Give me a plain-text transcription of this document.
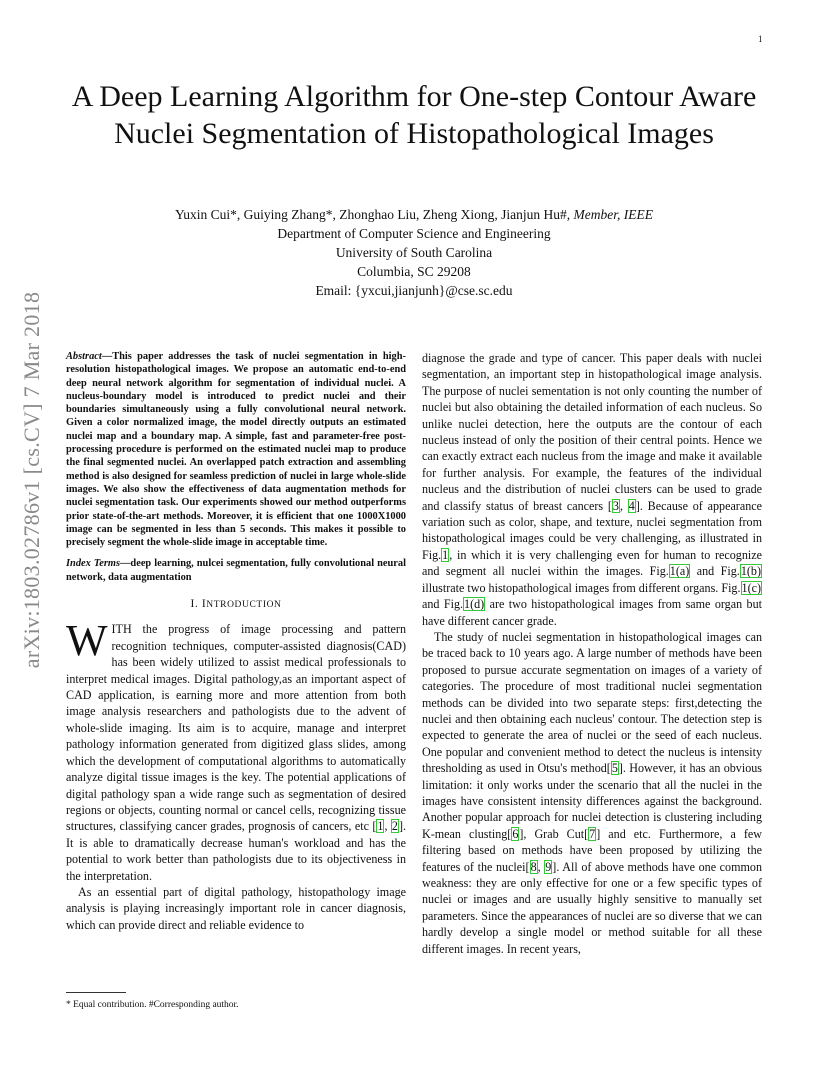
1
arXiv:1803.02786v1 [cs.CV] 7 Mar 2018
A Deep Learning Algorithm for One-step Contour Aware Nuclei Segmentation of Histopathological Images
Yuxin Cui*, Guiying Zhang*, Zhonghao Liu, Zheng Xiong, Jianjun Hu#, Member, IEEE
Department of Computer Science and Engineering
University of South Carolina
Columbia, SC 29208
Email: {yxcui,jianjunh}@cse.sc.edu

Abstract—This paper addresses the task of nuclei segmentation in high-resolution histopathological images. We propose an automatic end-to-end deep neural network algorithm for segmentation of individual nuclei. A nucleus-boundary model is introduced to predict nuclei and their boundaries simultaneously using a fully convolutional neural network. Given a color normalized image, the model directly outputs an estimated nuclei map and a boundary map. A simple, fast and parameter-free post-processing procedure is performed on the estimated nuclei map to produce the final segmented nuclei. An overlapped patch extraction and assembling method is also designed for seamless prediction of nuclei in large whole-slide images. We also show the effectiveness of data augmentation methods for nuclei segmentation task. Our experiments showed our method outperforms prior state-of-the-art methods. Moreover, it is efficient that one 1000X1000 image can be segmented in less than 5 seconds. This makes it possible to precisely segment the whole-slide image in acceptable time.

Index Terms—deep learning, nulcei segmentation, fully convolutional neural network, data augmentation

I. INTRODUCTION

WITH the progress of image processing and pattern recognition techniques, computer-assisted diagnosis(CAD) has been widely utilized to assist medical professionals to interpret medical images. Digital pathology,as an important aspect of CAD application, is earning more and more attention from both image analysis researchers and pathologists due to the advent of whole-slide imaging. Its aim is to acquire, manage and interpret pathology information generated from digitized glass slides, among which the development of computational algorithms to automatically analyze digital tissue images is the key. The potential applications of digital pathology span a wide range such as segmentation of desired regions or objects, counting normal or cancel cells, recognizing tissue structures, classifying cancer grades, prognosis of cancers, etc [1, 2]. It is able to dramatically decrease human's workload and has the potential to work better than pathologists due to its objectiveness in the interpretation.

As an essential part of digital pathology, histopathology image analysis is playing increasingly important role in cancer diagnosis, which can provide direct and reliable evidence to

diagnose the grade and type of cancer. This paper deals with nuclei segmentation, an important step in histopathological image analysis. The purpose of nuclei sementation is not only counting the number of nuclei but also obtaining the detailed information of each nucleus. So unlike nuclei detection, here the outputs are the contour of each nucleus instead of only the position of their central points. Hence we can exactly extract each nucleus from the image and make it available for further analysis. For example, the features of the individual nucleus and the distribution of nuclei clusters can be used to grade and classify status of breast cancers [3, 4]. Because of appearance variation such as color, shape, and texture, nuclei segmentation from histopathological images could be very challenging, as illustrated in Fig.1, in which it is very challenging even for human to recognize and segment all nuclei within the images. Fig.1(a) and Fig.1(b) illustrate two histopathological images from different organs. Fig.1(c) and Fig.1(d) are two histopathological images from same organ but have different cancer grade.

The study of nuclei segmentation in histopathological images can be traced back to 10 years ago. A large number of methods have been proposed to pursue accurate segmentation on images of a variety of categories. The procedure of most traditional nuclei segmentation methods can be divided into two separate steps: first,detecting the nuclei and then obtaining each nucleus' contour. The detection step is expected to generate the area of nuclei or the seed of each nucleus. One popular and convenient method to detect the nucleus is intensity thresholding as used in Otsu's method[5]. However, it has an obvious limitation: it only works under the scenario that all the nuclei in the images have consistent intensity differences against the background. Another popular approach for nuclei detection is clustering including K-mean clusting[6], Grab Cut[7] and etc. Furthermore, a few filtering based on methods have been proposed by utilizing the features of the nuclei[8, 9]. All of above methods have one common weakness: they are only effective for one or a few specific types of nuclei or images and are usually highly sensitive to manually set parameters. Since the appearances of nuclei are so diverse that we can hardly develop a single model or method suitable for all these different images. In recent years,

* Equal contribution. #Corresponding author.
